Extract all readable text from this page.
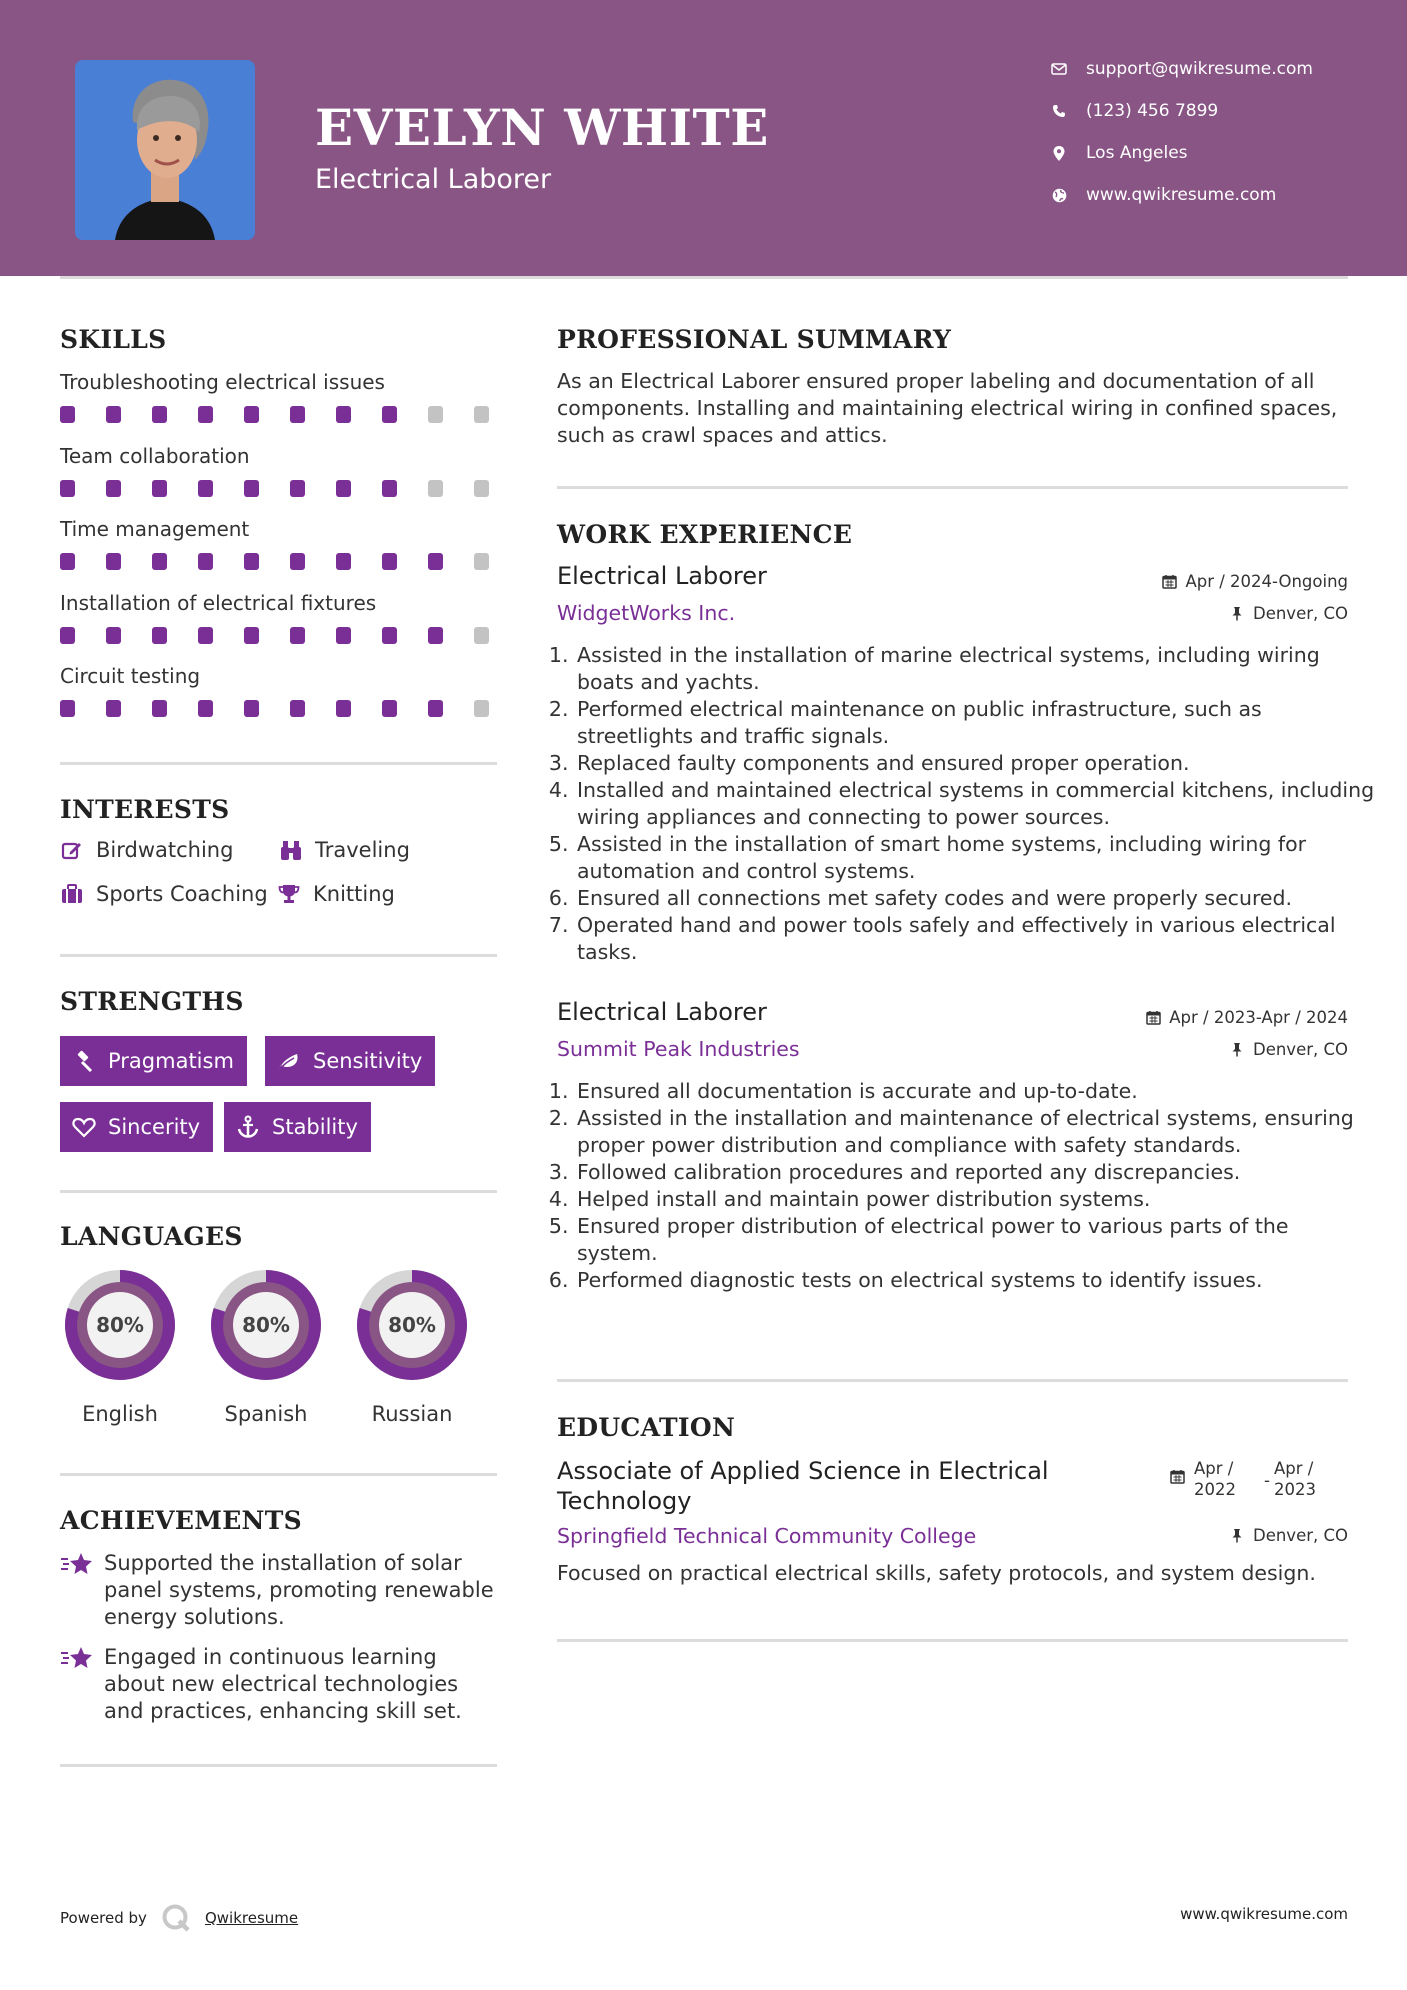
EVELYN WHITE
Electrical Laborer
support@qwikresume.com
(123) 456 7899
Los Angeles
www.qwikresume.com
SKILLS
Troubleshooting electrical issues
Team collaboration
Time management
Installation of electrical fixtures
Circuit testing
INTERESTS
Birdwatching	Traveling
Sports Coaching Knitting
STRENGTHS
Pragmatism	Sensitivity
Sincerity	Stability
LANGUAGES
80%
English
80%
Spanish
80%
Russian
ACHIEVEMENTS
Supported the installation of solar panel systems, promoting renewable energy solutions.
Engaged in continuous learning about new electrical technologies and practices, enhancing skill set.
PROFESSIONAL SUMMARY
As an Electrical Laborer ensured proper labeling and documentation of all components. Installing and maintaining electrical wiring in confined spaces, such as crawl spaces and attics.
WORK EXPERIENCE
Electrical Laborer	Apr / 2024-Ongoing
WidgetWorks Inc.	Denver, CO
1. Assisted in the installation of marine electrical systems, including wiring boats and yachts.
2. Performed electrical maintenance on public infrastructure, such as streetlights and traffic signals.
3. Replaced faulty components and ensured proper operation.
4. Installed and maintained electrical systems in commercial kitchens, including wiring appliances and connecting to power sources.
5. Assisted in the installation of smart home systems, including wiring for automation and control systems.
6. Ensured all connections met safety codes and were properly secured.
7. Operated hand and power tools safely and effectively in various electrical tasks.
Electrical Laborer	Apr / 2023-Apr / 2024
Summit Peak Industries	Denver, CO
1. Ensured all documentation is accurate and up-to-date.
2. Assisted in the installation and maintenance of electrical systems, ensuring proper power distribution and compliance with safety standards.
3. Followed calibration procedures and reported any discrepancies.
4. Helped install and maintain power distribution systems.
5. Ensured proper distribution of electrical power to various parts of the system.
6. Performed diagnostic tests on electrical systems to identify issues.
EDUCATION
Associate of Applied Science in Electrical Technology
Apr / 2022	-
Apr / 2023
Springfield Technical Community College	Denver, CO
Focused on practical electrical skills, safety protocols, and system design.
Powered by	Qwikresume	www.qwikresume.com
